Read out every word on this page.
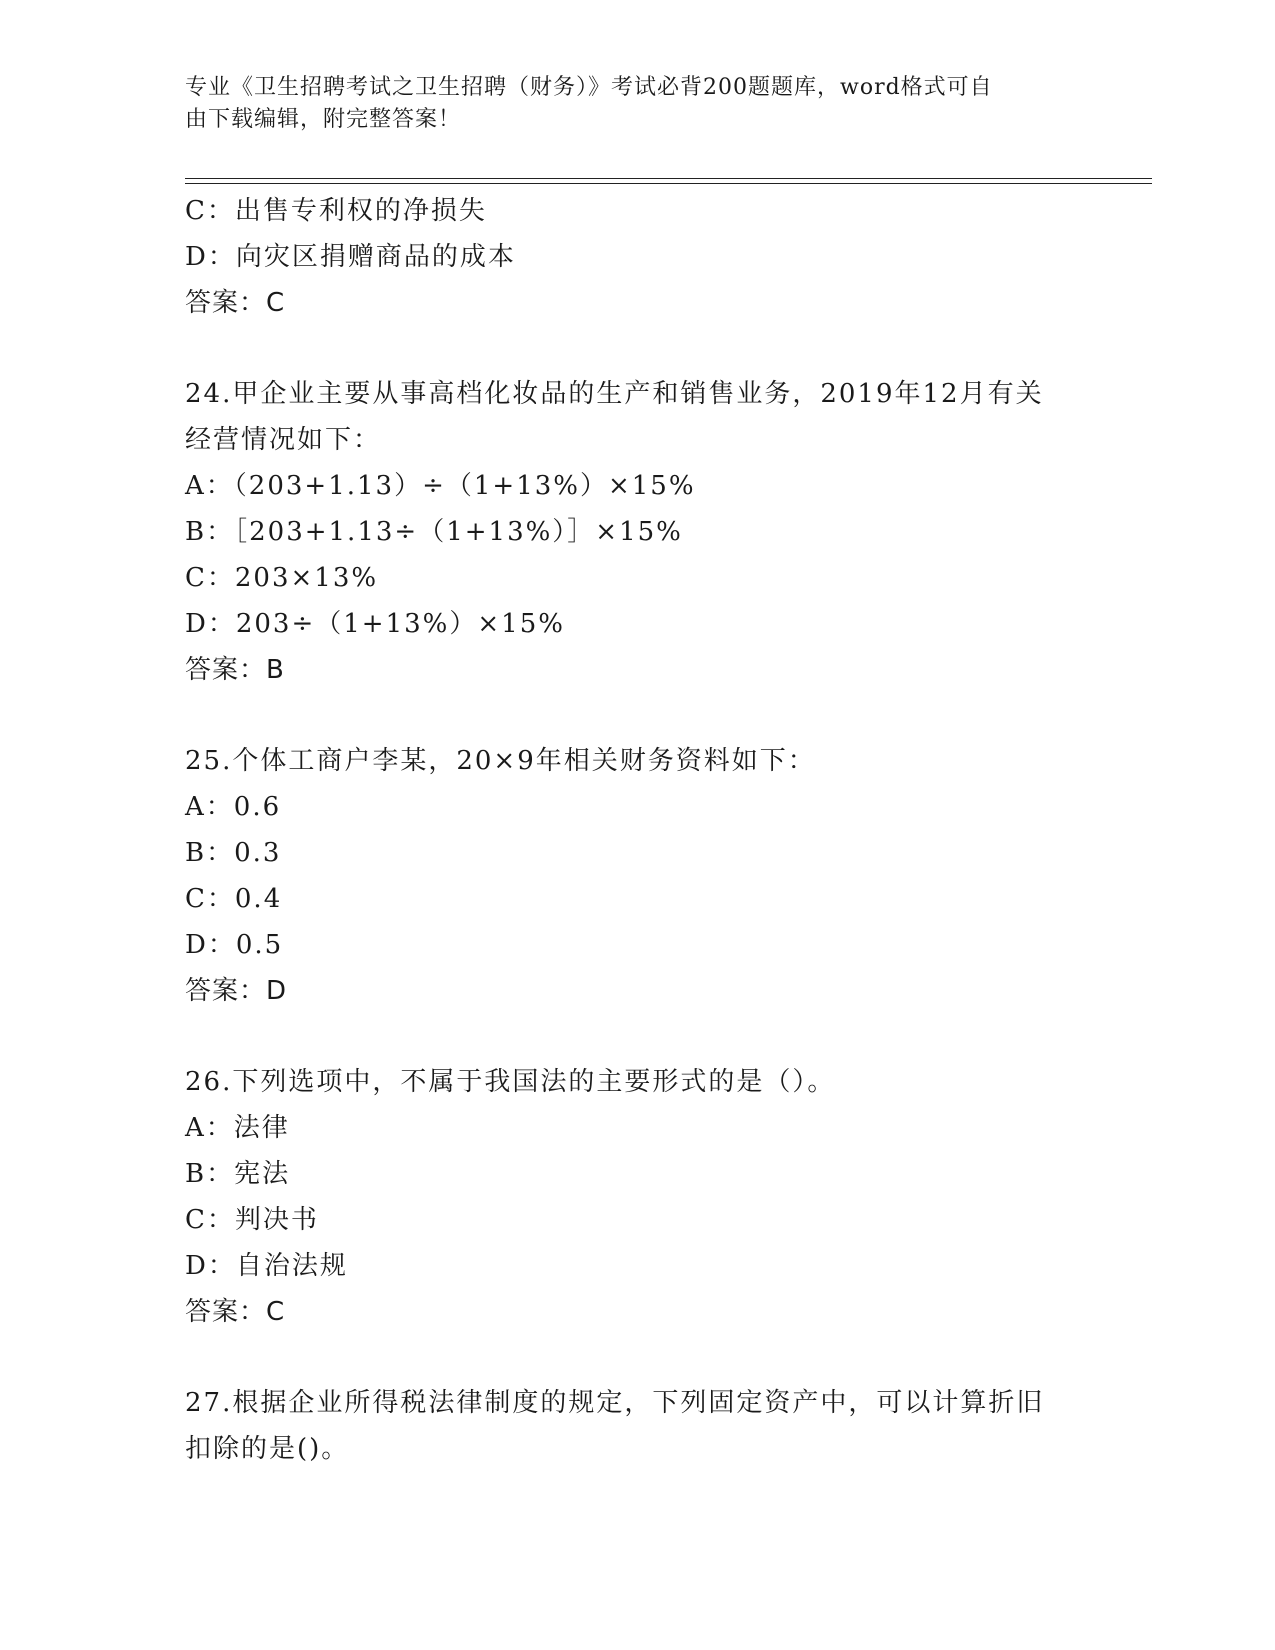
专业《卫生招聘考试之卫生招聘（财务）》考试必背200题题库，word格式可自
由下载编辑，附完整答案！
C：出售专利权的净损失
D：向灾区捐赠商品的成本
答案：C
24.甲企业主要从事高档化妆品的生产和销售业务，2019年12月有关
经营情况如下：
A：（203+1.13）÷（1+13%）×15%
B：［203+1.13÷（1+13%）］×15%
C：203×13%
D：203÷（1+13%）×15%
答案：B
25.个体工商户李某，20×9年相关财务资料如下：
A：0.6
B：0.3
C：0.4
D：0.5
答案：D
26.下列选项中，不属于我国法的主要形式的是（）。
A：法律
B：宪法
C：判决书
D：自治法规
答案：C
27.根据企业所得税法律制度的规定，下列固定资产中，可以计算折旧
扣除的是()。
